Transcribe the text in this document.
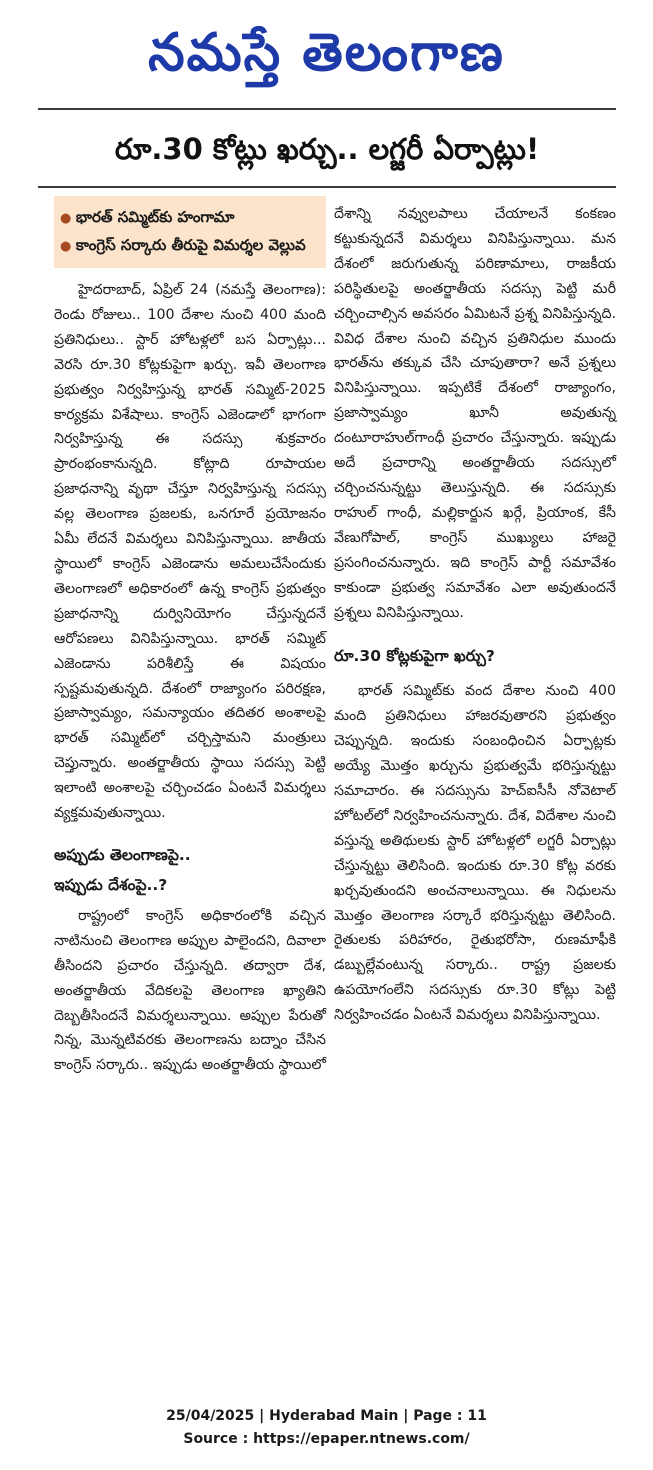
నమస్తే తెలంగాణ
రూ.30 కోట్లు ఖర్చు.. లగ్జరీ ఏర్పాట్లు!
● భారత్ సమ్మిట్‌కు హంగామా
● కాంగ్రెస్ సర్కారు తీరుపై విమర్శల వెల్లువ

హైదరాబాద్, ఏప్రిల్ 24 (నమస్తే తెలంగాణ): రెండు రోజులు.. 100 దేశాల నుంచి 400 మంది ప్రతినిధులు.. స్టార్ హోటళ్లలో బస ఏర్పాట్లు... వెరసి రూ.30 కోట్లకుపైగా ఖర్చు. ఇవీ తెలంగాణ ప్రభుత్వం నిర్వహిస్తున్న భారత్ సమ్మిట్-2025 కార్యక్రమ విశేషాలు. కాంగ్రెస్ ఎజెండాలో భాగంగా నిర్వహిస్తున్న ఈ సదస్సు శుక్రవారం ప్రారంభంకానున్నది. కోట్లాది రూపాయల ప్రజాధనాన్ని వృథా చేస్తూ నిర్వహిస్తున్న సదస్సు వల్ల తెలంగాణ ప్రజలకు, ఒనగూరే ప్రయోజనం ఏమీ లేదనే విమర్శలు వినిపిస్తున్నాయి. జాతీయ స్థాయిలో కాంగ్రెస్ ఎజెండాను అమలుచేసేందుకు తెలంగాణలో అధికారంలో ఉన్న కాంగ్రెస్ ప్రభుత్వం ప్రజాధనాన్ని దుర్వినియోగం చేస్తున్నదనే ఆరోపణలు వినిపిస్తున్నాయి. భారత్ సమ్మిట్ ఎజెండాను పరిశీలిస్తే ఈ విషయం స్పష్టమవుతున్నది. దేశంలో రాజ్యాంగం పరిరక్షణ, ప్రజాస్వామ్యం, సమన్యాయం తదితర అంశాలపై భారత్ సమ్మిట్‌లో చర్చిస్తామని మంత్రులు చెప్తున్నారు. అంతర్జాతీయ స్థాయి సదస్సు పెట్టి ఇలాంటి అంశాలపై చర్చించడం ఏంటనే విమర్శలు వ్యక్తమవుతున్నాయి.

అప్పుడు తెలంగాణపై..
ఇప్పుడు దేశంపై..?

రాష్ట్రంలో కాంగ్రెస్ అధికారంలోకి వచ్చిన నాటినుంచి తెలంగాణ అప్పుల పాలైందని, దివాలా తీసిందని ప్రచారం చేస్తున్నది. తద్వారా దేశ, అంతర్జాతీయ వేదికలపై తెలంగాణ ఖ్యాతిని దెబ్బతీసిందనే విమర్శలున్నాయి. అప్పుల పేరుతో నిన్న, మొన్నటివరకు తెలంగాణను బద్నాం చేసిన కాంగ్రెస్ సర్కారు.. ఇప్పుడు అంతర్జాతీయ స్థాయిలో

దేశాన్ని నవ్వులపాలు చేయాలనే కంకణం కట్టుకున్నదనే విమర్శలు వినిపిస్తున్నాయి. మన దేశంలో జరుగుతున్న పరిణామాలు, రాజకీయ పరిస్థితులపై అంతర్జాతీయ సదస్సు పెట్టి మరీ చర్చించాల్సిన అవసరం ఏమిటనే ప్రశ్న వినిపిస్తున్నది. వివిధ దేశాల నుంచి వచ్చిన ప్రతినిధుల ముందు భారత్‌ను తక్కువ చేసి చూపుతారా? అనే ప్రశ్నలు వినిపిస్తున్నాయి. ఇప్పటికే దేశంలో రాజ్యాంగం, ప్రజాస్వామ్యం ఖూనీ అవుతున్న దంటూరాహుల్‌గాంధీ ప్రచారం చేస్తున్నారు. ఇప్పుడు అదే ప్రచారాన్ని అంతర్జాతీయ సదస్సులో చర్చించనున్నట్టు తెలుస్తున్నది. ఈ సదస్సుకు రాహుల్ గాంధీ, మల్లికార్జున ఖర్గే, ప్రియాంక, కేసీ వేణుగోపాల్, కాంగ్రెస్ ముఖ్యులు హాజరై ప్రసంగించనున్నారు. ఇది కాంగ్రెస్ పార్టీ సమావేశం కాకుండా ప్రభుత్వ సమావేశం ఎలా అవుతుందనే ప్రశ్నలు వినిపిస్తున్నాయి.

రూ.30 కోట్లకుపైగా ఖర్చు?

భారత్ సమ్మిట్‌కు వంద దేశాల నుంచి 400 మంది ప్రతినిధులు హాజరవుతారని ప్రభుత్వం చెప్పున్నది. ఇందుకు సంబంధించిన ఏర్పాట్లకు అయ్యే మొత్తం ఖర్చును ప్రభుత్వమే భరిస్తున్నట్టు సమాచారం. ఈ సదస్సును హెచ్ఐసీసీ నోవెటాల్ హోటల్‌లో నిర్వహించనున్నారు. దేశ, విదేశాల నుంచి వస్తున్న అతిథులకు స్టార్ హోటళ్లలో లగ్జరీ ఏర్పాట్లు చేస్తున్నట్టు తెలిసింది. ఇందుకు రూ.30 కోట్ల వరకు ఖర్చవుతుందని అంచనాలున్నాయి. ఈ నిధులను మొత్తం తెలంగాణ సర్కారే భరిస్తున్నట్టు తెలిసింది. రైతులకు పరిహారం, రైతుభరోసా, రుణమాఫీకి డబ్బుల్లేవంటున్న సర్కారు.. రాష్ట్ర ప్రజలకు ఉపయోగంలేని సదస్సుకు రూ.30 కోట్లు పెట్టి నిర్వహించడం ఏంటనే విమర్శలు వినిపిస్తున్నాయి.

25/04/2025 | Hyderabad Main | Page : 11
Source : https://epaper.ntnews.com/
